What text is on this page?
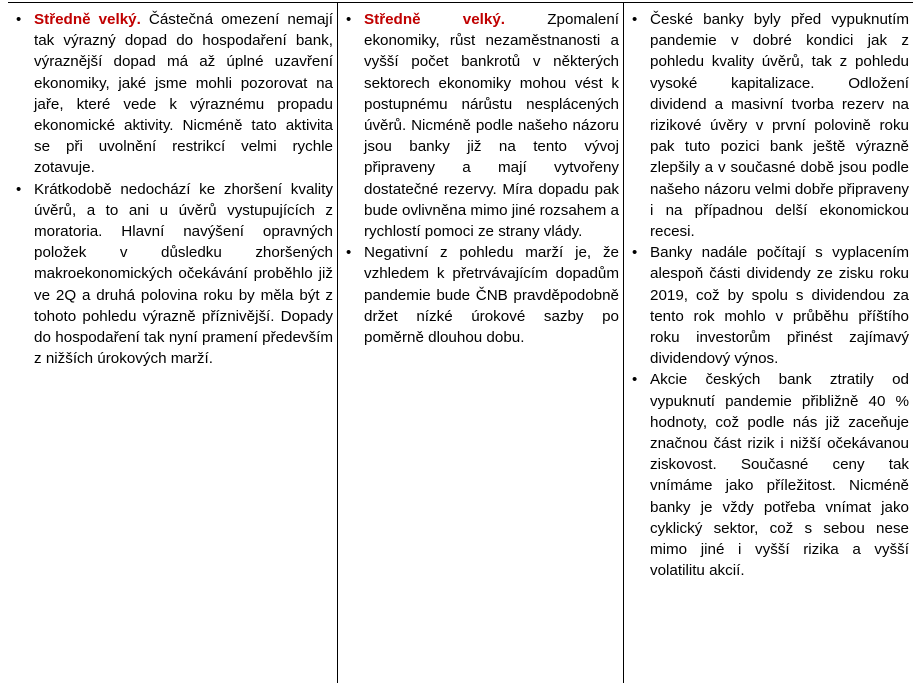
• Středně velký. Částečná omezení nemají tak výrazný dopad do hospodaření bank, výraznější dopad má až úplné uzavření ekonomiky, jaké jsme mohli pozorovat na jaře, které vede k výraznému propadu ekonomické aktivity. Nicméně tato aktivita se při uvolnění restrikcí velmi rychle zotavuje.
• Krátkodobě nedochází ke zhoršení kvality úvěrů, a to ani u úvěrů vystupujících z moratoria. Hlavní navýšení opravných položek v důsledku zhoršených makroekonomických očekávání proběhlo již ve 2Q a druhá polovina roku by měla být z tohoto pohledu výrazně příznivější. Dopady do hospodaření tak nyní pramení především z nižších úrokových marží.
• Středně velký. Zpomalení ekonomiky, růst nezaměstnanosti a vyšší počet bankrotů v některých sektorech ekonomiky mohou vést k postupnému nárůstu nesplácených úvěrů. Nicméně podle našeho názoru jsou banky již na tento vývoj připraveny a mají vytvořeny dostatečné rezervy. Míra dopadu pak bude ovlivněna mimo jiné rozsahem a rychlostí pomoci ze strany vlády.
• Negativní z pohledu marží je, že vzhledem k přetrvávajícím dopadům pandemie bude ČNB pravděpodobně držet nízké úrokové sazby po poměrně dlouhou dobu.
• České banky byly před vypuknutím pandemie v dobré kondici jak z pohledu kvality úvěrů, tak z pohledu vysoké kapitalizace. Odložení dividend a masivní tvorba rezerv na rizikové úvěry v první polovině roku pak tuto pozici bank ještě výrazně zlepšily a v současné době jsou podle našeho názoru velmi dobře připraveny i na případnou delší ekonomickou recesi.
• Banky nadále počítají s vyplacením alespoň části dividendy ze zisku roku 2019, což by spolu s dividendou za tento rok mohlo v průběhu příštího roku investorům přinést zajímavý dividendový výnos.
• Akcie českých bank ztratily od vypuknutí pandemie přibližně 40 % hodnoty, což podle nás již zaceňuje značnou část rizik i nižší očekávanou ziskovost. Současné ceny tak vnímáme jako příležitost. Nicméně banky je vždy potřeba vnímat jako cyklický sektor, což s sebou nese mimo jiné i vyšší rizika a vyšší volatilitu akcií.
